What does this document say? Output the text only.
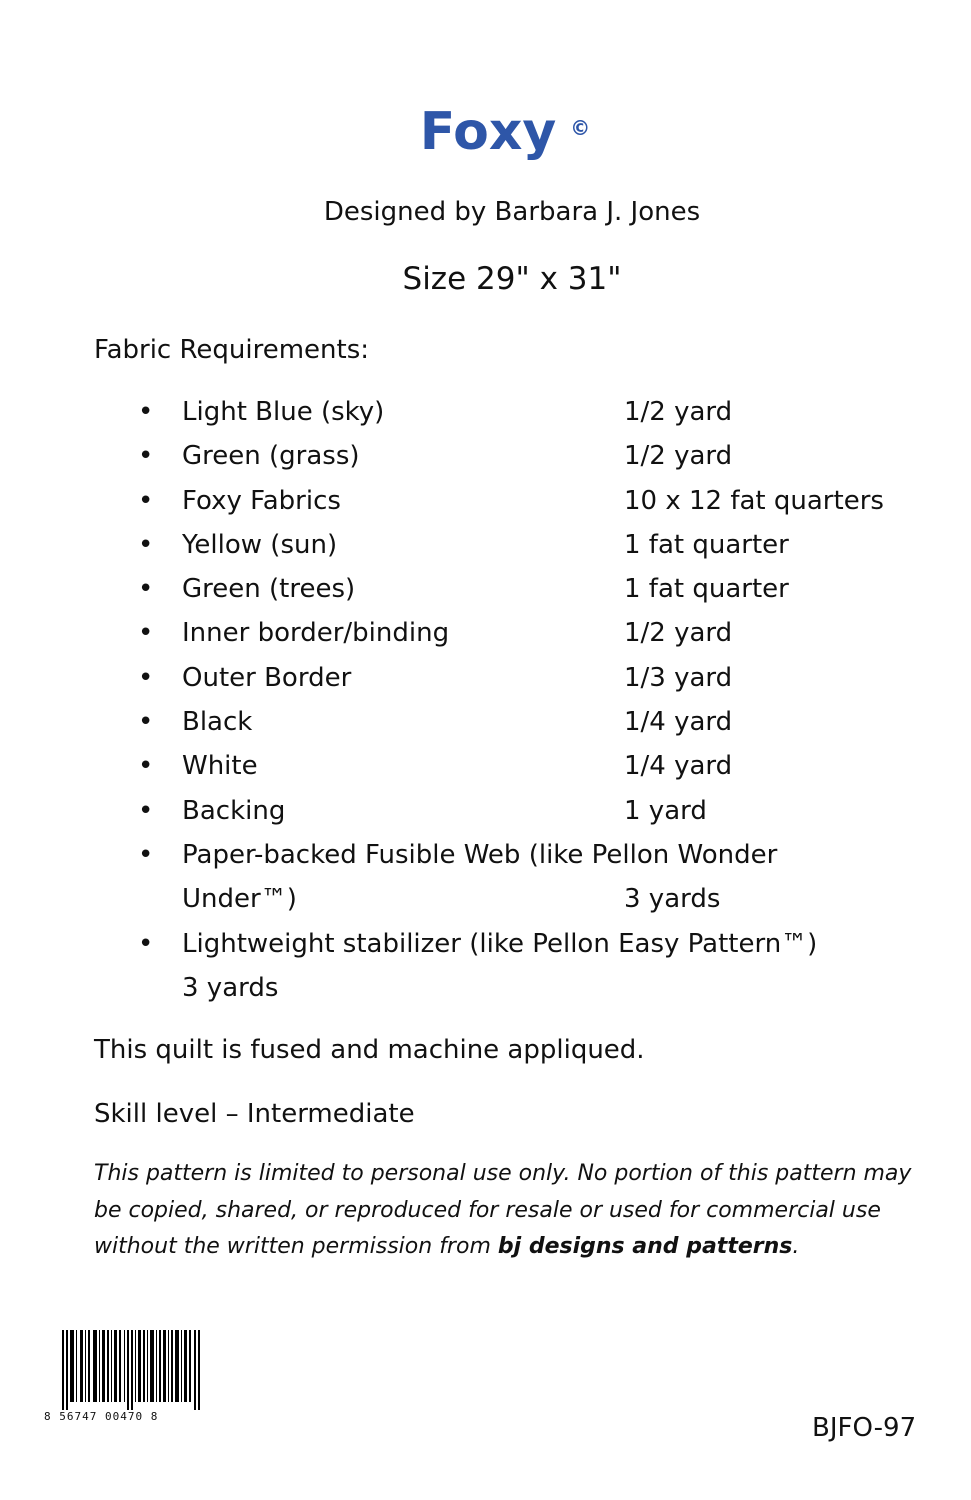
Foxy ©
Designed by Barbara J. Jones
Size 29" x 31"
Fabric Requirements:
• Light Blue (sky)	1/2 yard
• Green (grass)	1/2 yard
• Foxy Fabrics	10 x 12 fat quarters
• Yellow (sun)	1 fat quarter
• Green (trees)	1 fat quarter
• Inner border/binding	1/2 yard
• Outer Border	1/3 yard
• Black	1/4 yard
• White	1/4 yard
• Backing	1 yard
• Paper-backed Fusible Web (like Pellon Wonder
Under™)	3 yards
• Lightweight stabilizer (like Pellon Easy Pattern™)
3 yards
This quilt is fused and machine appliqued.
Skill level – Intermediate
This pattern is limited to personal use only. No portion of this pattern may be copied, shared, or reproduced for resale or used for commercial use without the written permission from bj designs and patterns.
8 56747 00470 8	BJFO-97
